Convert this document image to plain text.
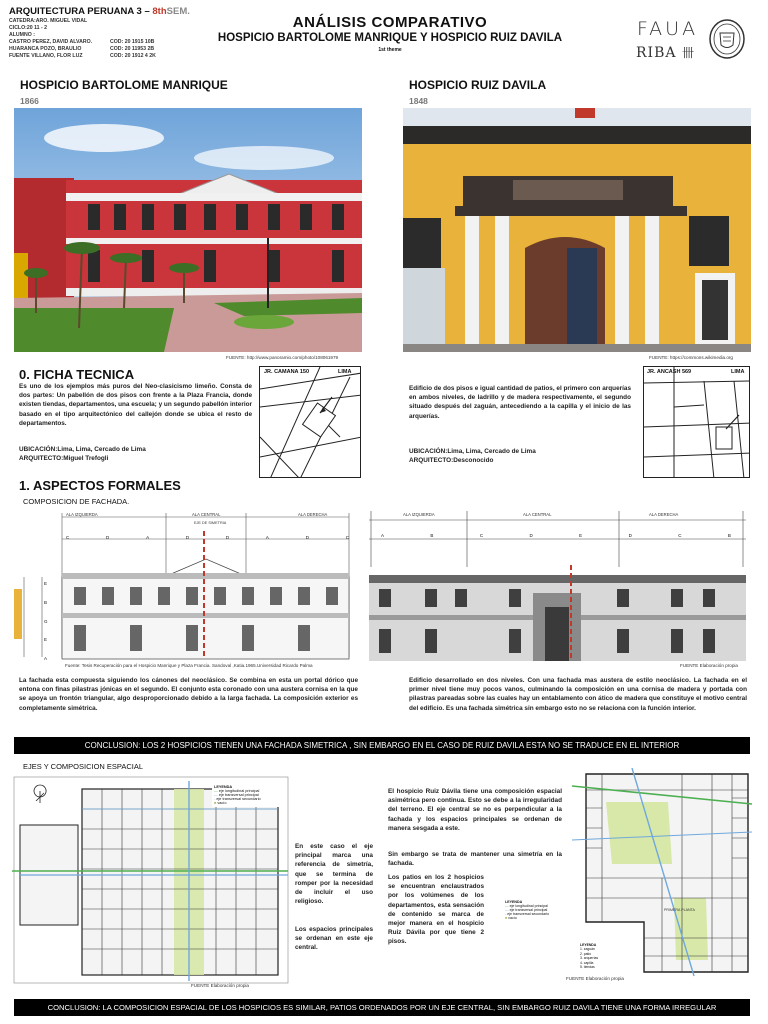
ARQUITECTURA PERUANA 3 – 8thSEM.
CATEDRA:ARO. MIGUEL VIDAL
CICLO:20 11 - 2
ALUMNO :
CASTRO PEREZ, DAVID ALVARO.	COD: 20 1915 10B
HUARANCA POZO, BRAULIO	COD: 20 11953 2B
FUENTE VILLANO, FLOR LUZ	COD: 20 1912 4 2K
ANÁLISIS COMPARATIVO
HOSPICIO BARTOLOME MANRIQUE Y HOSPICIO RUIZ DAVILA
1st theme
FAUA
RIBA 卌
HOSPICIO BARTOLOME MANRIQUE
1866
HOSPICIO RUIZ DAVILA
1848
FUENTE: http://www.panoramio.com/photo/108061979	FUENTE: https://commons.wikimedia.org
0. FICHA TECNICA
Es uno de los ejemplos más puros del Neo-clasicismo limeño. Consta de dos partes: Un pabellón de dos pisos con frente a la Plaza Francia, donde existen tiendas, departamentos, una escuela; y un segundo pabellón interior basado en el tipo arquitectónico del callejón donde se ubica el resto de departamentos.
UBICACIÓN:Lima, Lima, Cercado de Lima
ARQUITECTO:Miguel Trefogli
JR. CAMANA 150	LIMA
Edificio de dos pisos e igual cantidad de patios, el primero con arquerías en ambos niveles, de ladrillo y de madera respectivamente, el segundo situado después del zaguán, antecediendo a la capilla y el inicio de las arquerías.
UBICACIÓN:Lima, Lima, Cercado de Lima
ARQUITECTO:Desconocido
JR. ANCASH 569	LIMA
1. ASPECTOS FORMALES
COMPOSICION DE FACHADA.
ALA IZQUIERDA	ALA CENTRAL	ALA DERECHA
EJE DE SIMETRIA
C	D	A	D	D	A	D	C
E
B
G
E
A
Fuente: Tesis Recuperación para el Hospicio Manrique y Plaza Francia. Sandoval ,Katia.1965.Universidad Ricardo Palma
ALA IZQUIERDA	ALA CENTRAL	ALA DERECHA
A	B	C	D	E	D	C	B
FUENTE Elaboración propia
La fachada esta compuesta siguiendo los cánones del neoclásico. Se combina en esta un portal dórico que entona con finas pilastras jónicas en el segundo. El conjunto esta coronado con una austera cornisa en la que se apoya un frontón triangular, algo desproporcionado debido a la larga fachada. La composición exterior es completamente simétrica.
Edificio desarrollado en dos niveles. Con una fachada mas austera de estilo neoclásico. La fachada en el primer nivel tiene muy pocos vanos, culminando la composición en una cornisa de madera y portada con pilastras pareadas sobre las cuales hay un entablamento con ático de madera que constituye el motivo central del edificio. Es una fachada simétrica sin embargo esto no se relaciona con la función interior.
CONCLUSION: LOS 2 HOSPICIOS TIENEN UNA FACHADA SIMETRICA , SIN EMBARGO EN EL CASO DE RUIZ DAVILA ESTA NO SE TRADUCE EN EL INTERIOR
EJES Y COMPOSICION ESPACIAL
LEYENDA
— eje longitudinal principal
— eje transversal principal
- eje transversal secundario
■ vacío
FUENTE Elaboración propia
En este caso el eje principal marca una referencia de simetría, que se termina de romper por la necesidad de incluir el uso religioso.
Los espacios principales se ordenan en este eje central.
El hospicio Ruiz Dávila tiene una composición espacial asimétrica pero continua. Esto se debe a la irregularidad del terreno. El eje central se no es perpendicular a la fachada y los espacios principales se ordenan de manera sesgada a este.
Sin embargo se trata de mantener una simetría en la fachada.
Los patios en los 2 hospicios se encuentran enclaustrados por los volúmenes de los departamentos, esta sensación de contenido se marca de mejor manera en el hospicio Ruiz Dávila por que tiene 2 pisos.
LEYENDA
— eje longitudinal principal
— eje transversal principal
- eje transversal secundario
■ vacío
PRIMERA PLANTA
LEYENDA
1. zaguán
2. patio
3. arquerías
4. capilla
5. tiendas
FUENTE Elaboración propia
CONCLUSION: LA COMPOSICION ESPACIAL DE LOS HOSPICIOS ES SIMILAR, PATIOS ORDENADOS POR UN EJE CENTRAL, SIN EMBARGO RUIZ DAVILA TIENE UNA FORMA IRREGULAR
